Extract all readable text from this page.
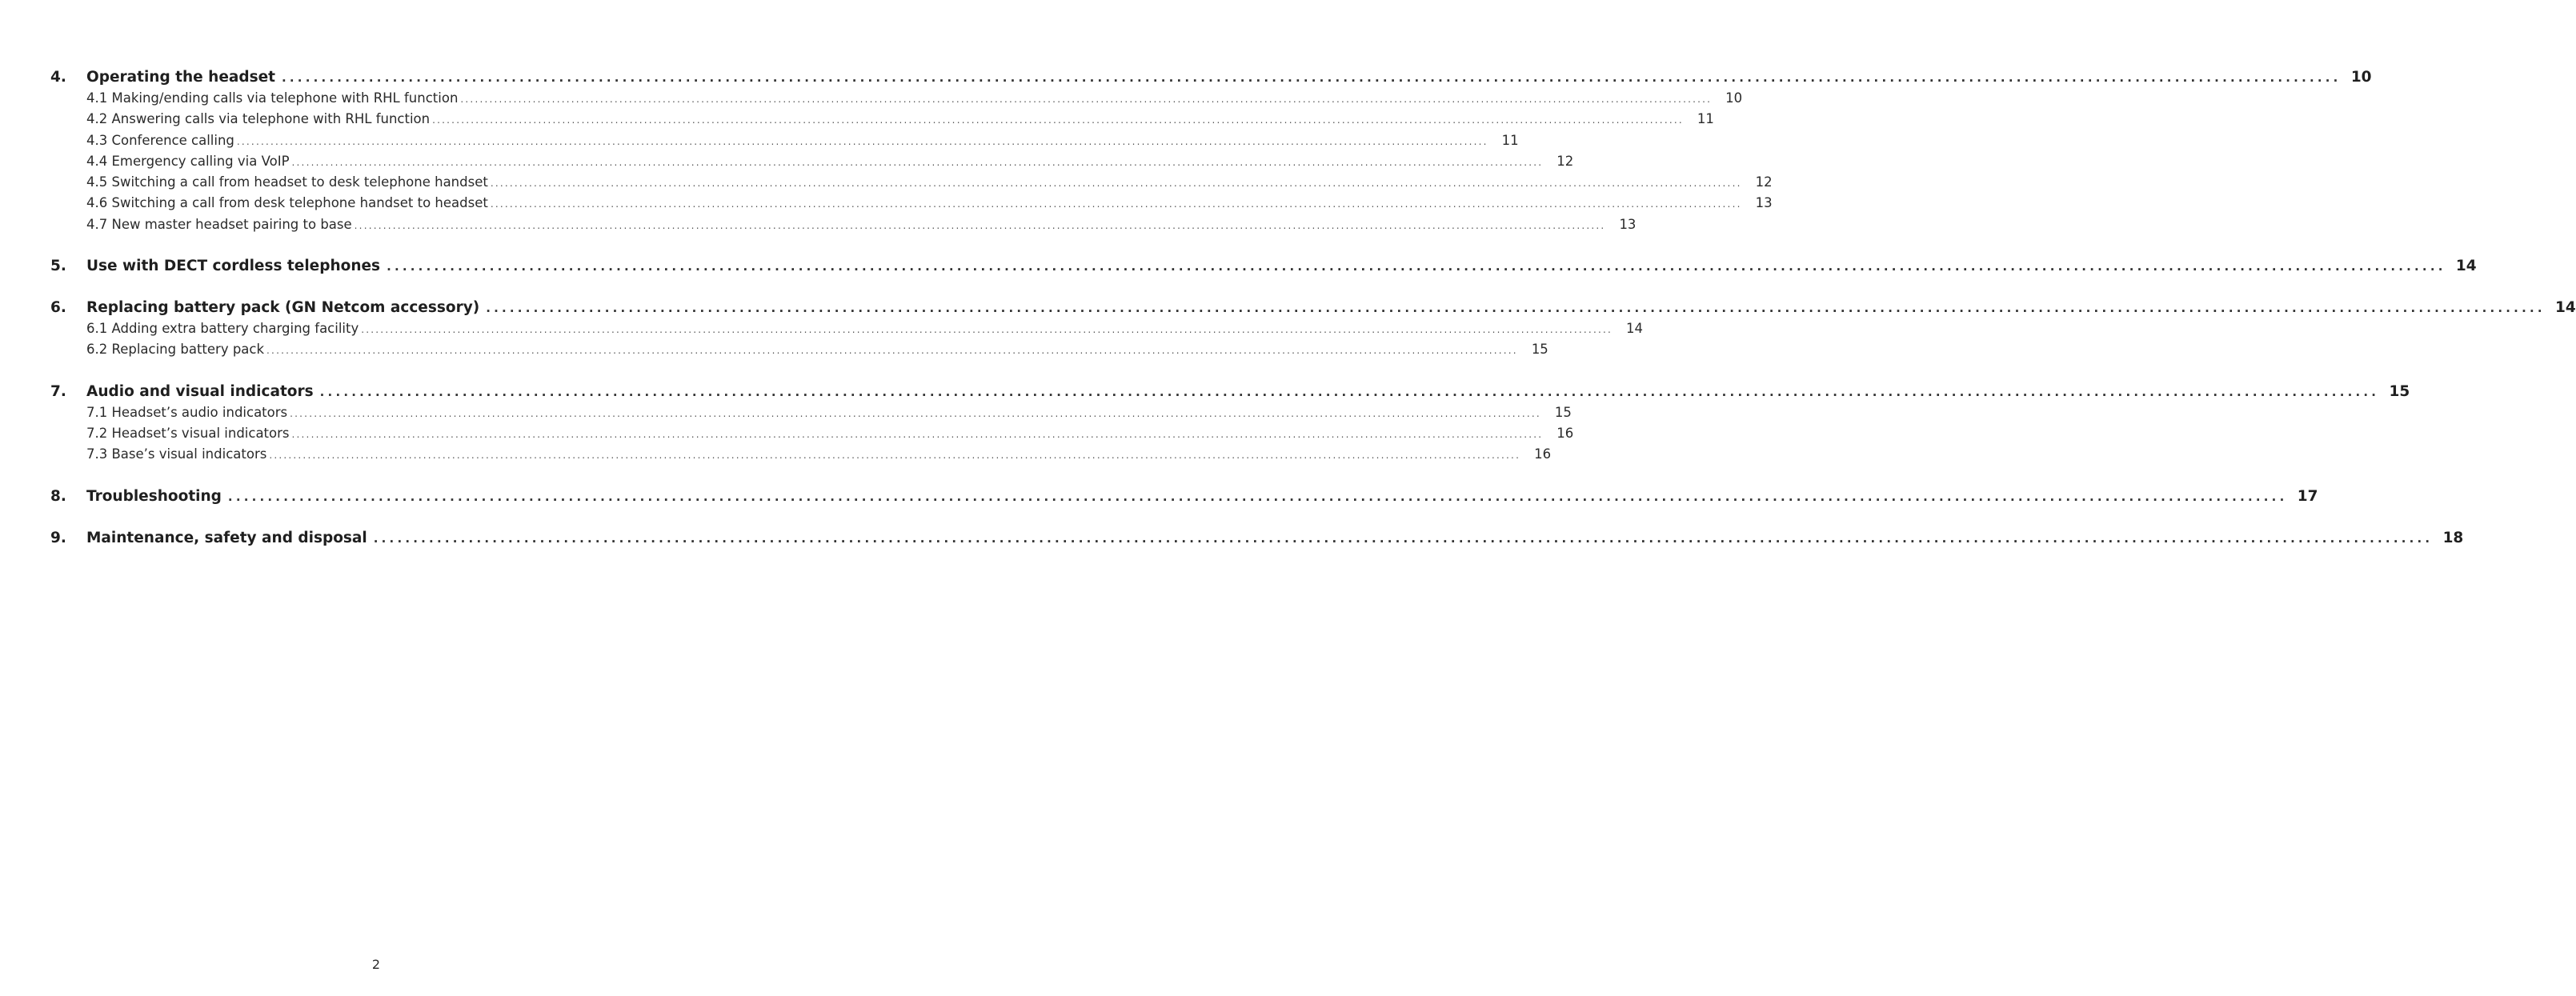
4.	Operating the headset .................................................................................................................................................................................................................................................................... 10
4.1 Making/ending calls via telephone with RHL function ....................................................................................................................................................................................................................................................................	10
4.2 Answering calls via telephone with RHL function ....................................................................................................................................................................................................................................................................	11
4.3 Conference calling ....................................................................................................................................................................................................................................................................	11
4.4 Emergency calling via VoIP ....................................................................................................................................................................................................................................................................	12
4.5 Switching a call from headset to desk telephone handset ....................................................................................................................................................................................................................................................................	12
4.6 Switching a call from desk telephone handset to headset ....................................................................................................................................................................................................................................................................	13
4.7 New master headset pairing to base ....................................................................................................................................................................................................................................................................	13
5.	Use with DECT cordless telephones .................................................................................................................................................................................................................................................................... 14
6.	Replacing battery pack (GN Netcom accessory) .................................................................................................................................................................................................................................................................... 14
6.1 Adding extra battery charging facility ....................................................................................................................................................................................................................................................................	14
6.2 Replacing battery pack ....................................................................................................................................................................................................................................................................	15
7.	Audio and visual indicators .................................................................................................................................................................................................................................................................... 15
7.1 Headset’s audio indicators ....................................................................................................................................................................................................................................................................	15
7.2 Headset’s visual indicators ....................................................................................................................................................................................................................................................................	16
7.3 Base’s visual indicators ....................................................................................................................................................................................................................................................................	16
8.	Troubleshooting .................................................................................................................................................................................................................................................................... 17
9.	Maintenance, safety and disposal .................................................................................................................................................................................................................................................................... 18
2
